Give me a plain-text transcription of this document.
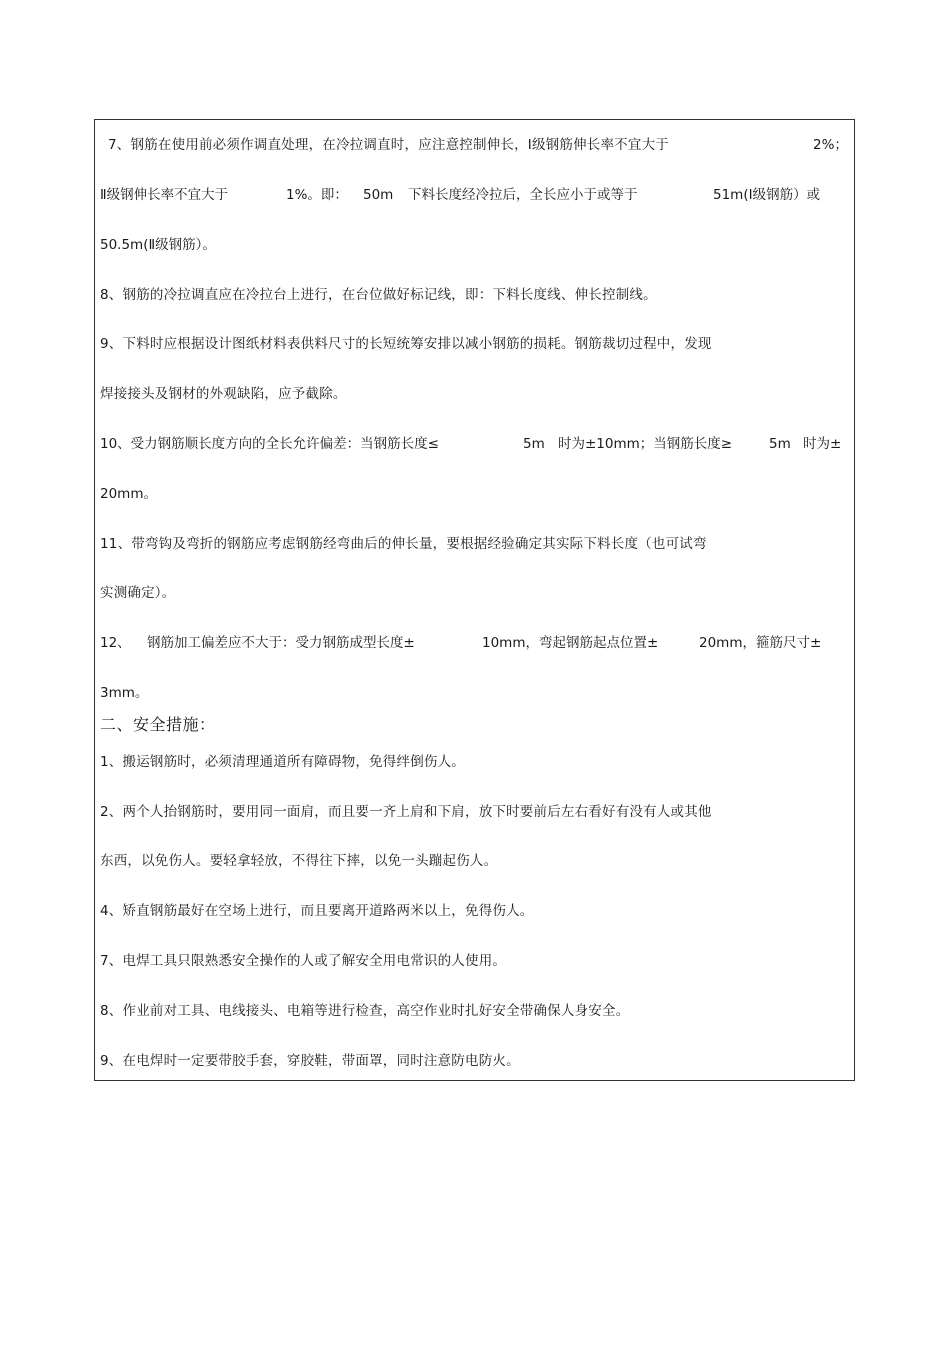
7、钢筋在使用前必须作调直处理，在冷拉调直时，应注意控制伸长，Ⅰ级钢筋伸长率不宜大于	2%；
Ⅱ级钢伸长率不宜大于	1%。即： 50m 下料长度经冷拉后，全长应小于或等于	51m(Ⅰ级钢筋）或
50.5m(Ⅱ级钢筋）。
8、钢筋的冷拉调直应在冷拉台上进行，在台位做好标记线，即：下料长度线、伸长控制线。
9、下料时应根据设计图纸材料表供料尺寸的长短统筹安排以减小钢筋的损耗。钢筋裁切过程中，发现
焊接接头及钢材的外观缺陷，应予截除。
10、受力钢筋顺长度方向的全长允许偏差：当钢筋长度≤	5m 时为±10mm；当钢筋长度≥	5m 时为±
20mm。
11、带弯钩及弯折的钢筋应考虑钢筋经弯曲后的伸长量，要根据经验确定其实际下料长度（也可试弯
实测确定）。
12、 钢筋加工偏差应不大于：受力钢筋成型长度±	10mm，弯起钢筋起点位置±	20mm，箍筋尺寸±
3mm。
二、安全措施：
1、搬运钢筋时，必须清理通道所有障碍物，免得绊倒伤人。
2、两个人抬钢筋时，要用同一面肩，而且要一齐上肩和下肩，放下时要前后左右看好有没有人或其他
东西，以免伤人。要轻拿轻放，不得往下摔，以免一头蹦起伤人。
4、矫直钢筋最好在空场上进行，而且要离开道路两米以上，免得伤人。
7、电焊工具只限熟悉安全操作的人或了解安全用电常识的人使用。
8、作业前对工具、电线接头、电箱等进行检查，高空作业时扎好安全带确保人身安全。
9、在电焊时一定要带胶手套，穿胶鞋，带面罩，同时注意防电防火。
